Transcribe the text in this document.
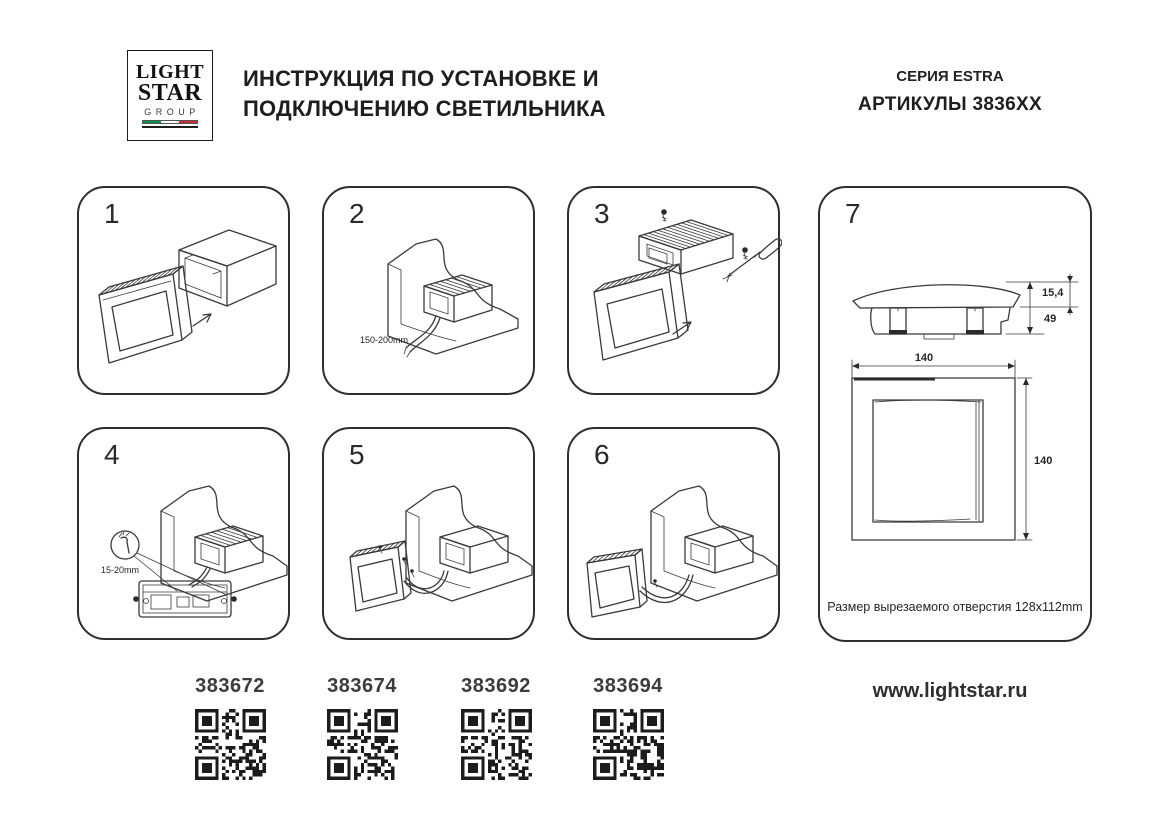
LIGHT
STAR
GROUP
ИНСТРУКЦИЯ ПО УСТАНОВКЕ И
ПОДКЛЮЧЕНИЮ СВЕТИЛЬНИКА
СЕРИЯ ESTRA
АРТИКУЛЫ 3836XX
1	2
150-200mm
3
4
15-20mm
5	6
7
15,4
49
140
140
Размер вырезаемого отверстия 128x112mm
383672	383674	383692	383694	www.lightstar.ru
